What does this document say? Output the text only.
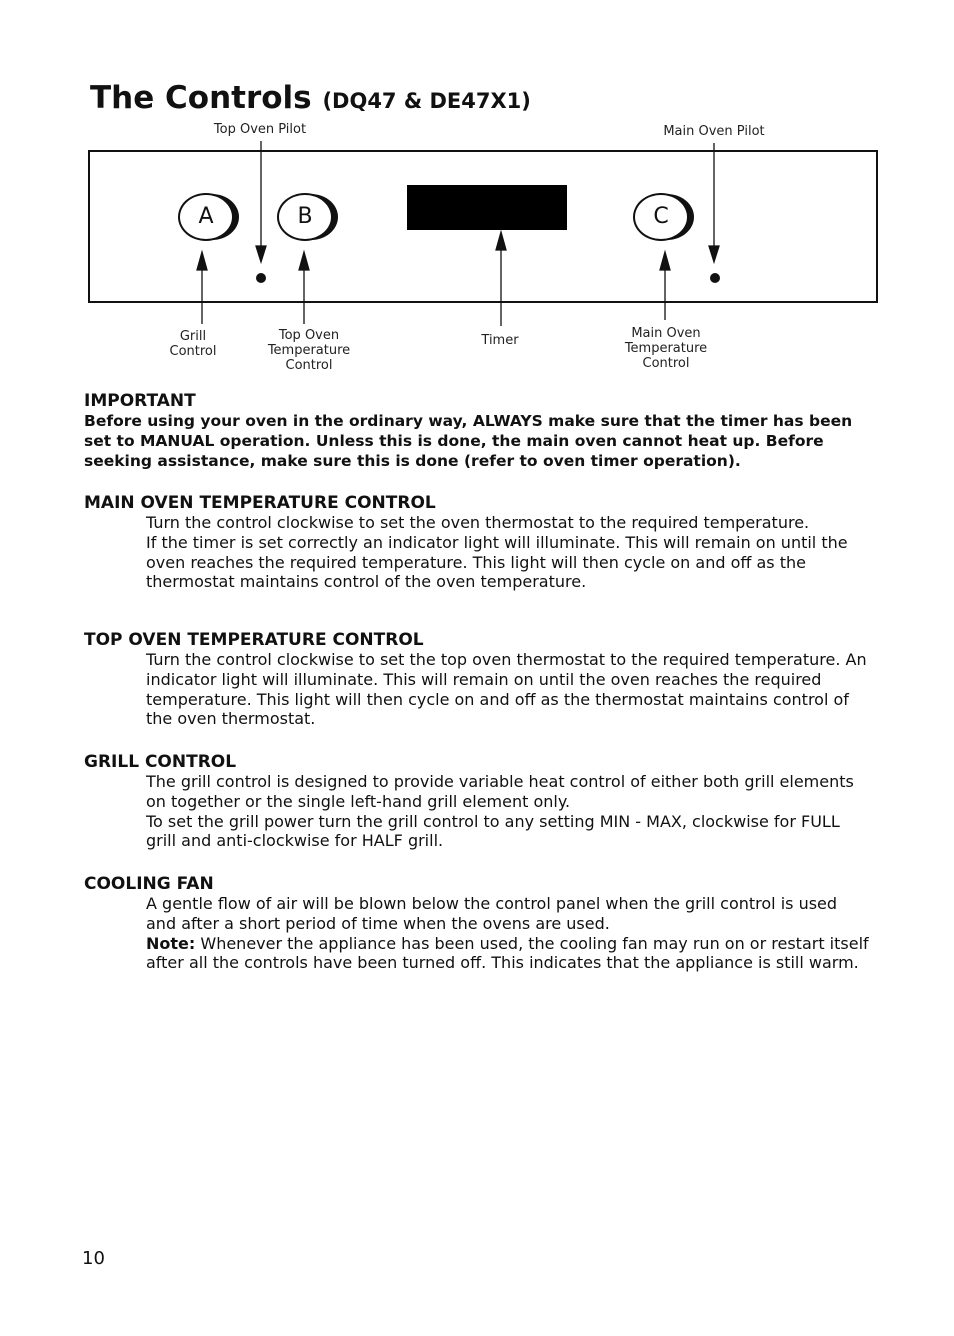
The Controls (DQ47 & DE47X1)
Top Oven Pilot	Main Oven Pilot
A	B	C
Grill
Control
Top Oven
Temperature
Control
Timer	Main Oven
Temperature
Control
IMPORTANT

Before using your oven in the ordinary way, ALWAYS make sure that the timer has been set to MANUAL operation. Unless this is done, the main oven cannot heat up. Before seeking assistance, make sure this is done (refer to oven timer operation).

MAIN OVEN TEMPERATURE CONTROL

Turn the control clockwise to set the oven thermostat to the required temperature.

If the timer is set correctly an indicator light will illuminate. This will remain on until the oven reaches the required temperature. This light will then cycle on and off as the thermostat maintains control of the oven temperature.

TOP OVEN TEMPERATURE CONTROL

Turn the control clockwise to set the top oven thermostat to the required temperature. An indicator light will illuminate. This will remain on until the oven reaches the required temperature. This light will then cycle on and off as the thermostat maintains control of the oven thermostat.

GRILL CONTROL

The grill control is designed to provide variable heat control of either both grill elements on together or the single left-hand grill element only.

To set the grill power turn the grill control to any setting MIN - MAX, clockwise for FULL grill and anti-clockwise for HALF grill.

COOLING FAN

A gentle flow of air will be blown below the control panel when the grill control is used and after a short period of time when the ovens are used.

Note: Whenever the appliance has been used, the cooling fan may run on or restart itself after all the controls have been turned off. This indicates that the appliance is still warm.

10
